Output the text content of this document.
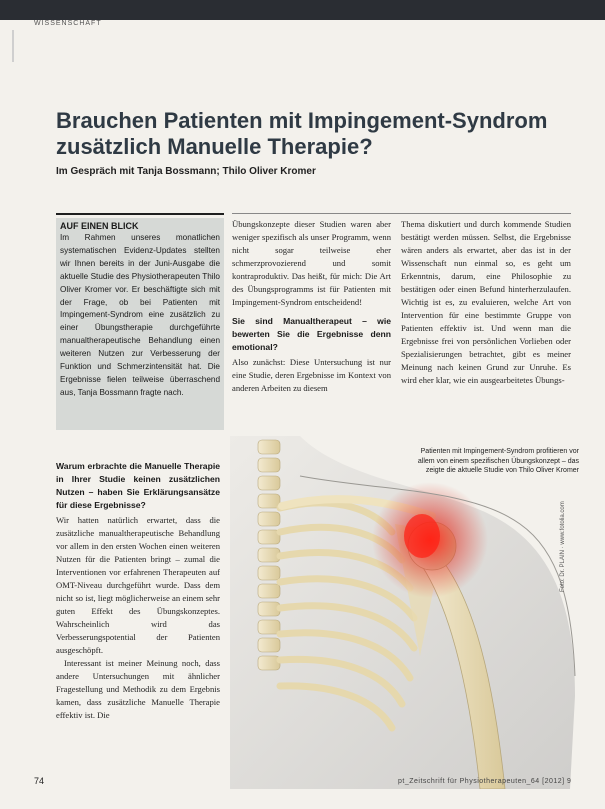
WISSENSCHAFT
Brauchen Patienten mit Impingement-Syndrom zusätzlich Manuelle Therapie?
Im Gespräch mit Tanja Bossmann; Thilo Oliver Kromer
AUF EINEN BLICK

Im Rahmen unseres monatlichen systematischen Evidenz-Updates stellten wir Ihnen bereits in der Juni-Ausgabe die aktuelle Studie des Physiotherapeuten Thilo Oliver Kromer vor. Er beschäftigte sich mit der Frage, ob bei Patienten mit Impingement-Syndrom eine zusätzlich zu einer Übungstherapie durchgeführte manualtherapeutische Behandlung einen weiteren Nutzen zur Verbesserung der Funktion und Schmerzintensität hat. Die Ergebnisse fielen teilweise überraschend aus, Tanja Bossmann fragte nach.

Übungskonzepte dieser Studien waren aber weniger spezifisch als unser Programm, wenn nicht sogar teilweise eher schmerzprovozierend und somit kontraproduktiv. Das heißt, für mich: Die Art des Übungsprogramms ist für Patienten mit Impingement-Syndrom entscheidend!

Sie sind Manualtherapeut – wie bewerten Sie die Ergebnisse denn emotional?

Also zunächst: Diese Untersuchung ist nur eine Studie, deren Ergebnisse im Kontext von anderen Arbeiten zu diesem

Thema diskutiert und durch kommende Studien bestätigt werden müssen. Selbst, die Ergebnisse wären anders als erwartet, aber das ist in der Wissenschaft nun einmal so, es geht um Erkenntnis, darum, eine Philosophie zu bestätigen oder einen Befund hinterherzulaufen. Wichtig ist es, zu evaluieren, welche Art von Intervention für eine bestimmte Gruppe von Patienten effektiv ist. Und wenn man die Ergebnisse frei von persönlichen Vorlieben oder Spezialisierungen betrachtet, gibt es meiner Meinung nach keinen Grund zur Unruhe. Es wird eher klar, wie ein ausgearbeitetes Übungs-

Patienten mit Impingement-Syndrom profitieren vor allem von einem spezifischen Übungskonzept – das zeigte die aktuelle Studie von Thilo Oliver Kromer
Foto: Dr. PLAIN · www.fotolia.com

Warum erbrachte die Manuelle Therapie in Ihrer Studie keinen zusätzlichen Nutzen – haben Sie Erklärungsansätze für diese Ergebnisse?

Wir hatten natürlich erwartet, dass die zusätzliche manualtherapeutische Behandlung vor allem in den ersten Wochen einen weiteren Nutzen für die Patienten bringt – zumal die Interventionen vor erfahrenen Therapeuten auf OMT-Niveau durchgeführt wurde. Dass dem nicht so ist, liegt möglicherweise an einem sehr guten Effekt des Übungskonzeptes. Wahrscheinlich wird das Verbesserungspotential der Patienten ausgeschöpft.

Interessant ist meiner Meinung noch, dass andere Untersuchungen mit ähnlicher Fragestellung und Methodik zu dem Ergebnis kamen, dass zusätzliche Manuelle Therapie effektiv ist. Die

74	pt_Zeitschrift für Physiotherapeuten_64 [2012] 9
